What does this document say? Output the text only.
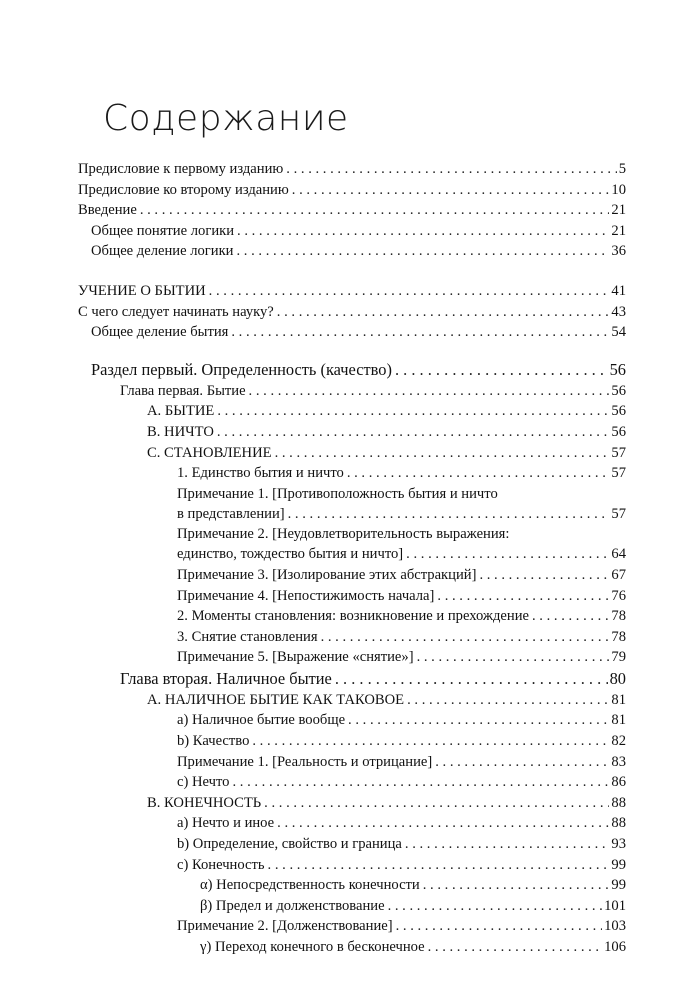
Содержание
Предисловие к первому изданию . . .	5
Предисловие ко второму изданию . . .	10
Введение . . .	21
Общее понятие логики . . .	21
Общее деление логики . . .	36
УЧЕНИЕ О БЫТИИ . . .	41
С чего следует начинать науку? . . .	43
Общее деление бытия . . .	54
Раздел первый. Определенность (качество) . . .	56
Глава первая. Бытие . . .	56
А. БЫТИЕ . . .	56
В. НИЧТО . . .	56
С. СТАНОВЛЕНИЕ . . .	57
1. Единство бытия и ничто . . .	57
Примечание 1. [Противоположность бытия и ничто
в представлении] . . .	57
Примечание 2. [Неудовлетворительность выражения:
единство, тождество бытия и ничто] . . .	64
Примечание 3. [Изолирование этих абстракций] . . .	67
Примечание 4. [Непостижимость начала] . . .	76
2. Моменты становления: возникновение и прехождение . . .	78
3. Снятие становления . . .	78
Примечание 5. [Выражение «снятие»] . . .	79
Глава вторая. Наличное бытие . . .	80
А. НАЛИЧНОЕ БЫТИЕ КАК ТАКОВОЕ . . .	81
a) Наличное бытие вообще . . .	81
b) Качество . . .	82
Примечание 1. [Реальность и отрицание] . . .	83
c) Нечто . . .	86
В. КОНЕЧНОСТЬ . . .	88
a) Нечто и иное . . .	88
b) Определение, свойство и граница . . .	93
c) Конечность . . .	99
α) Непосредственность конечности . . .	99
β) Предел и долженствование . . .	101
Примечание 2. [Долженствование] . . .	103
γ) Переход конечного в бесконечное . . .	106
